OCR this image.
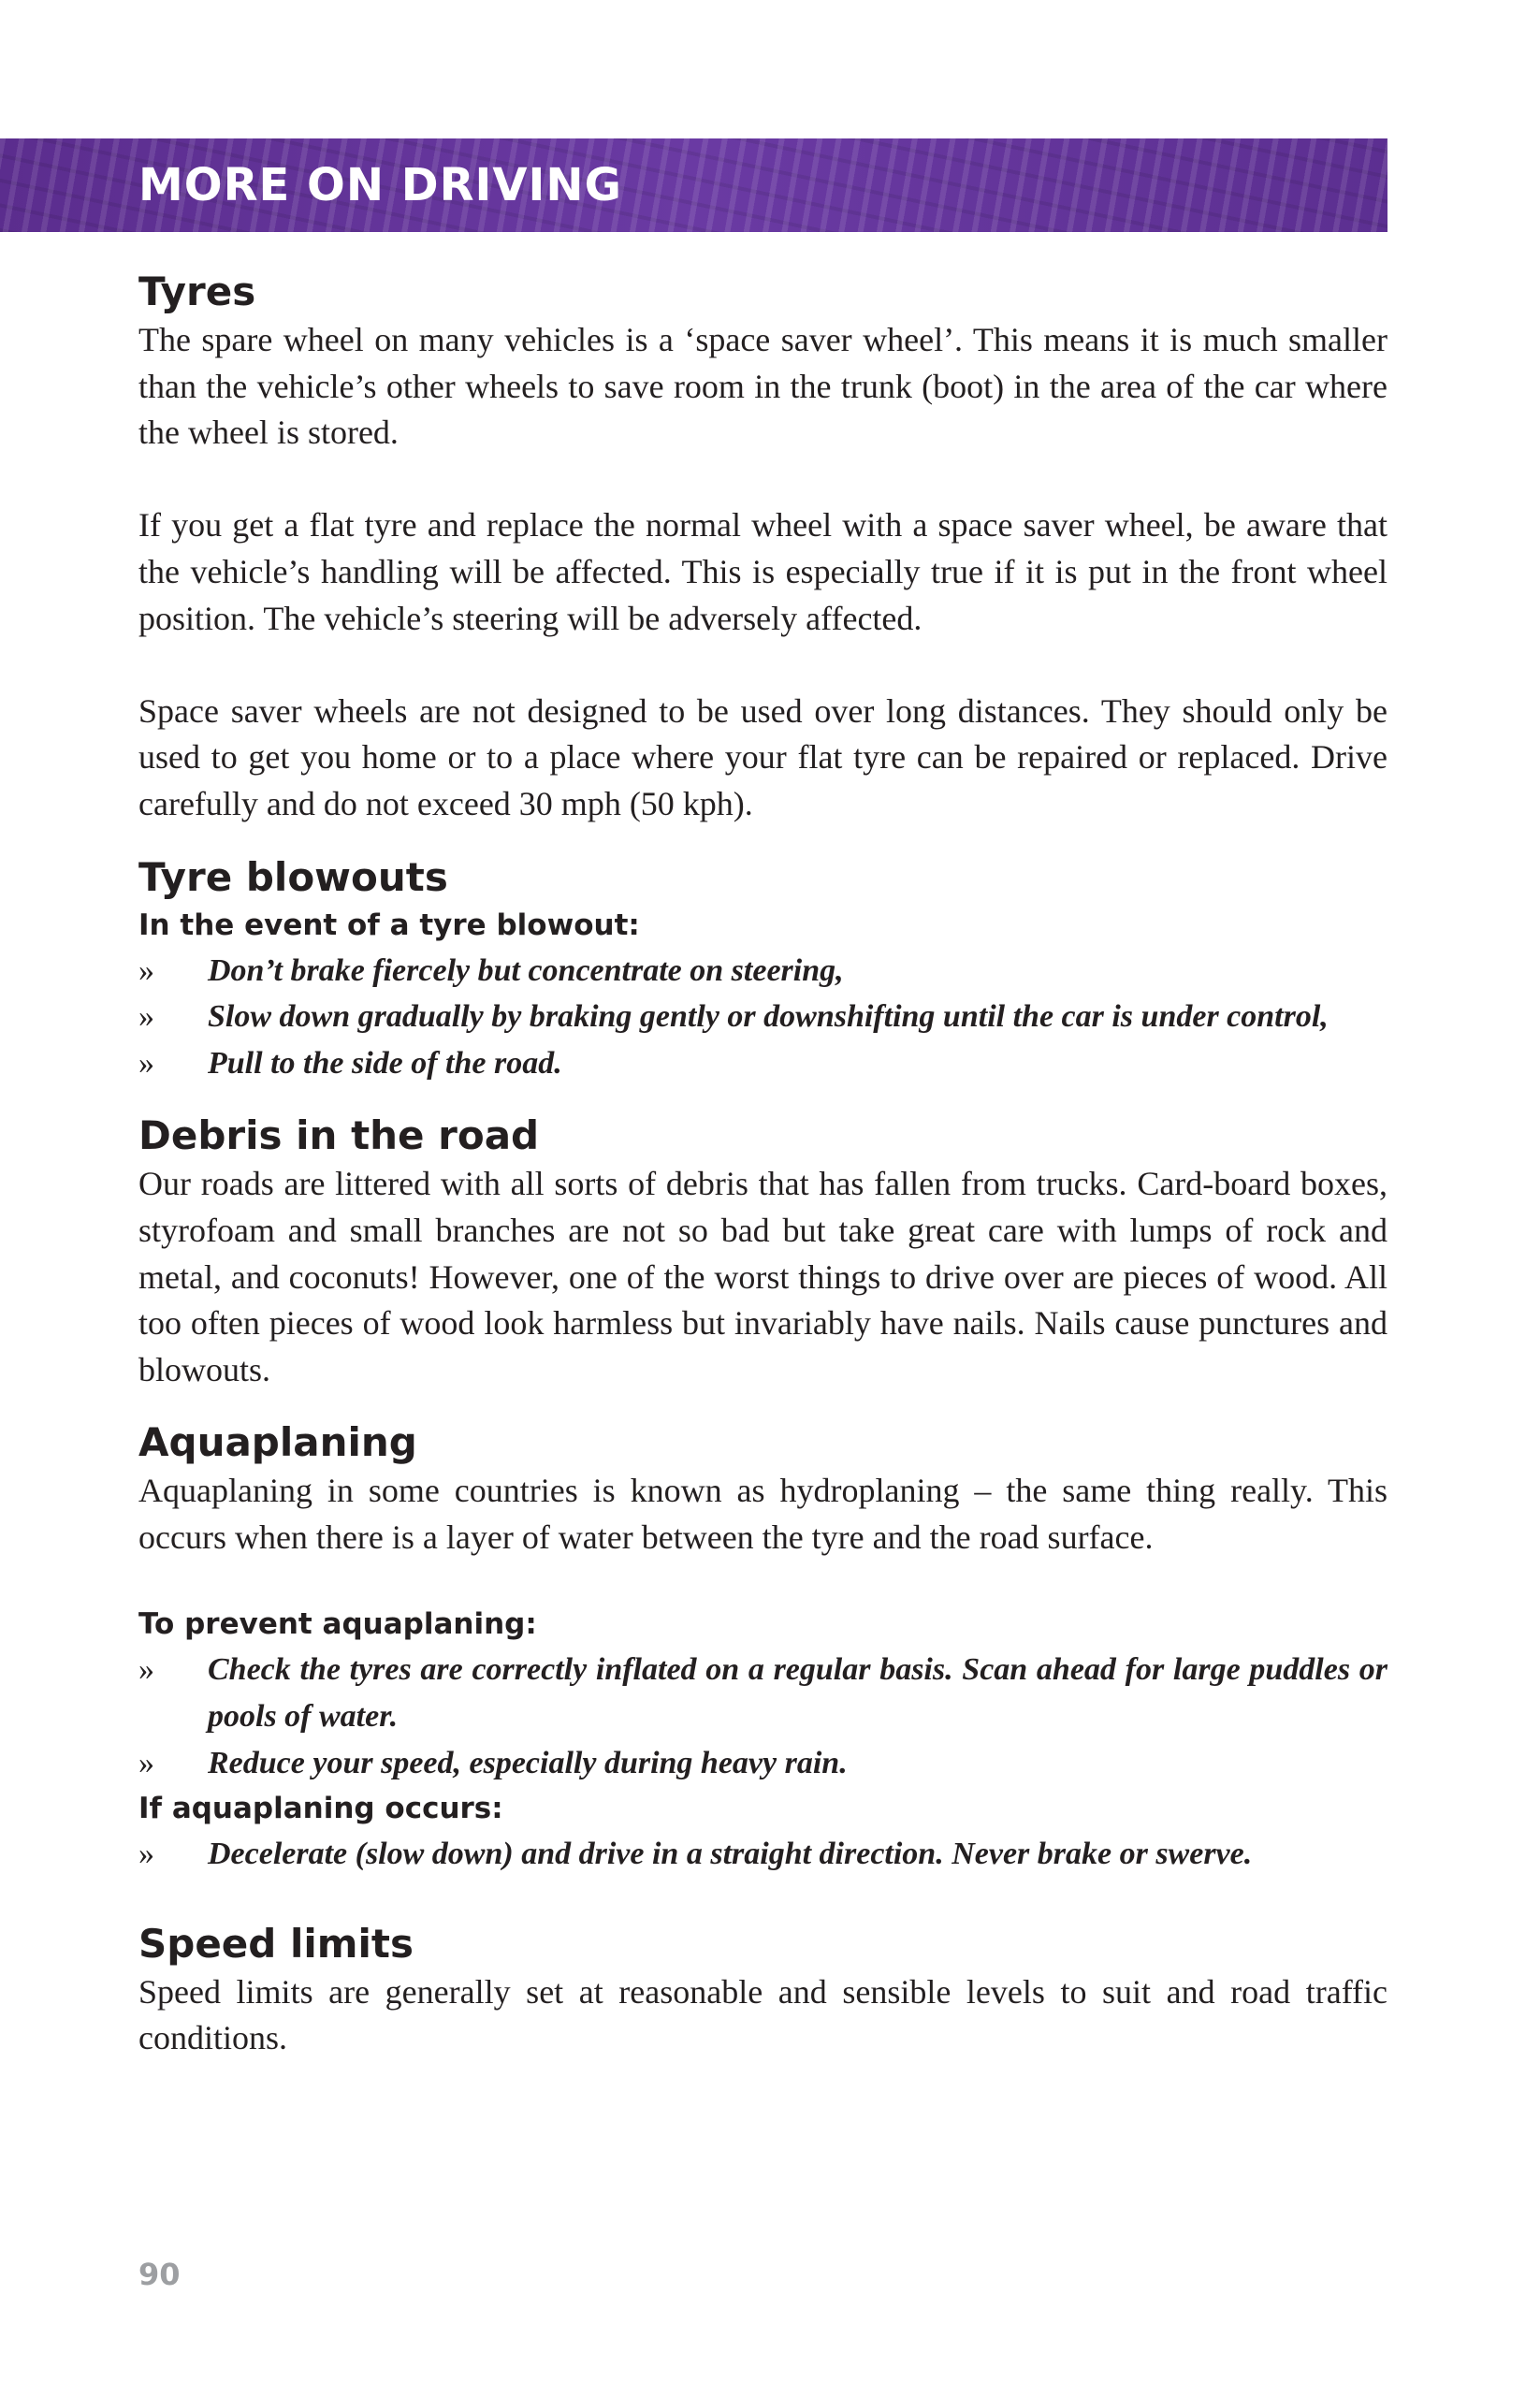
MORE ON DRIVING
Tyres

The spare wheel on many vehicles is a ‘space saver wheel’. This means it is much smaller than the vehicle’s other wheels to save room in the trunk (boot) in the area of the car where the wheel is stored.

If you get a flat tyre and replace the normal wheel with a space saver wheel, be aware that the vehicle’s handling will be affected. This is especially true if it is put in the front wheel position. The vehicle’s steering will be adversely affected.

Space saver wheels are not designed to be used over long distances. They should only be used to get you home or to a place where your flat tyre can be repaired or replaced. Drive carefully and do not exceed 30 mph (50 kph).

Tyre blowouts
In the event of a tyre blowout:
» Don’t brake fiercely but concentrate on steering,
» Slow down gradually by braking gently or downshifting until the car is under control,
» Pull to the side of the road.
Debris in the road

Our roads are littered with all sorts of debris that has fallen from trucks. Card-board boxes, styrofoam and small branches are not so bad but take great care with lumps of rock and metal, and coconuts! However, one of the worst things to drive over are pieces of wood. All too often pieces of wood look harmless but invariably have nails. Nails cause punctures and blowouts.

Aquaplaning

Aquaplaning in some countries is known as hydroplaning – the same thing really. This occurs when there is a layer of water between the tyre and the road surface.

To prevent aquaplaning:
» Check the tyres are correctly inflated on a regular basis. Scan ahead for large puddles or pools of water.
» Reduce your speed, especially during heavy rain.
If aquaplaning occurs:
» Decelerate (slow down) and drive in a straight direction. Never brake or swerve.
Speed limits

Speed limits are generally set at reasonable and sensible levels to suit and road traffic conditions.

90
